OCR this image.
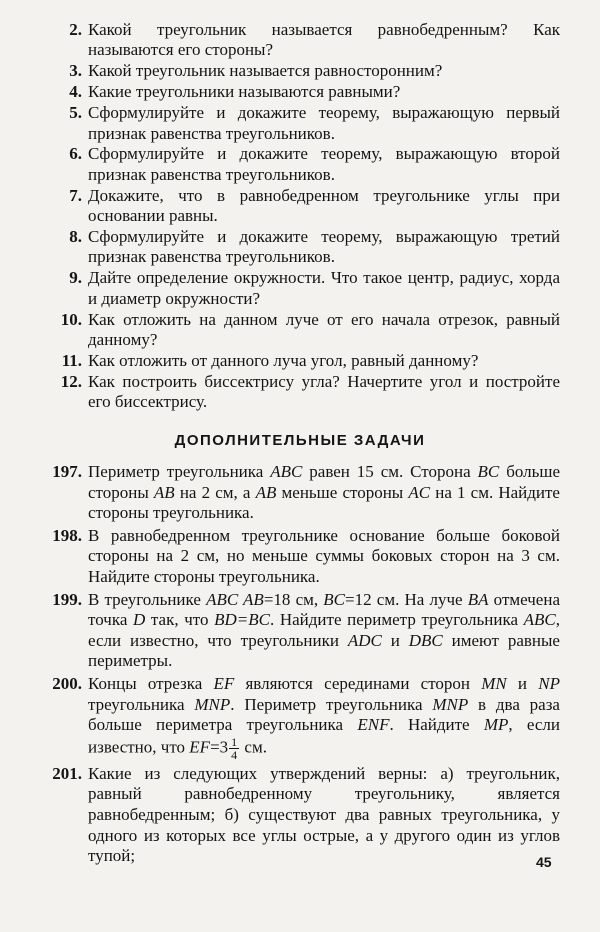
2. Какой треугольник называется равнобедренным? Как называются его стороны?
3. Какой треугольник называется равносторонним?
4. Какие треугольники называются равными?
5. Сформулируйте и докажите теорему, выражающую первый признак равенства треугольников.
6. Сформулируйте и докажите теорему, выражающую второй признак равенства треугольников.
7. Докажите, что в равнобедренном треугольнике углы при основании равны.
8. Сформулируйте и докажите теорему, выражающую третий признак равенства треугольников.
9. Дайте определение окружности. Что такое центр, радиус, хорда и диаметр окружности?
10. Как отложить на данном луче от его начала отрезок, равный данному?
11. Как отложить от данного луча угол, равный данному?
12. Как построить биссектрису угла? Начертите угол и постройте его биссектрису.
ДОПОЛНИТЕЛЬНЫЕ ЗАДАЧИ
197. Периметр треугольника ABC равен 15 см. Сторона BC больше стороны AB на 2 см, а AB меньше стороны AC на 1 см. Найдите стороны треугольника.
198. В равнобедренном треугольнике основание больше боковой стороны на 2 см, но меньше суммы боковых сторон на 3 см. Найдите стороны треугольника.
199. В треугольнике ABC AB=18 см, BC=12 см. На луче BA отмечена точка D так, что BD=BC. Найдите периметр треугольника ABC, если известно, что треугольники ADC и DBC имеют равные периметры.
200. Концы отрезка EF являются серединами сторон MN и NP треугольника MNP. Периметр треугольника MNP в два раза больше периметра треугольника ENF. Найдите MP, если известно, что $EF=3 \frac{1}{4}$ см.
201. Какие из следующих утверждений верны: а) треугольник, равный равнобедренному треугольнику, является равнобедренным; б) существуют два равных треугольника, у одного из которых все углы острые, а у другого один из углов тупой;	45
